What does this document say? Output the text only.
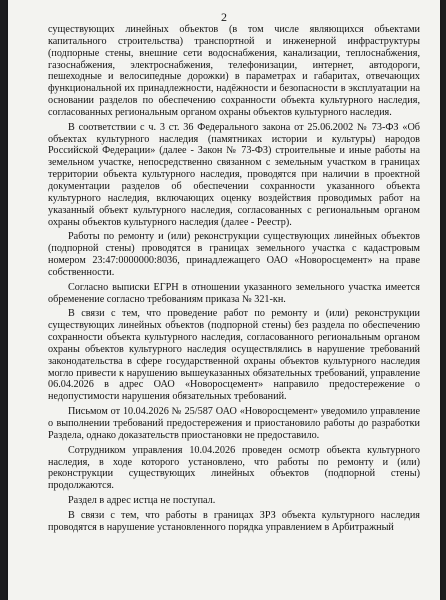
2

существующих линейных объектов (в том числе являющихся объектами капитального строительства) транспортной и инженерной инфраструктуры (подпорные стены, внешние сети водоснабжения, канализации, теплоснабжения, газоснабжения, электроснабжения, телефонизации, интернет, автодороги, пешеходные и велосипедные дорожки) в параметрах и габаритах, отвечающих функциональной их принадлежности, надёжности и безопасности в эксплуатации на основании разделов по обеспечению сохранности объекта культурного наследия, согласованных региональным органом охраны объектов культурного наследия.

В соответствии с ч. 3 ст. 36 Федерального закона от 25.06.2002 № 73-ФЗ «Об объектах культурного наследия (памятниках истории и культуры) народов Российской Федерации» (далее - Закон № 73-ФЗ) строительные и иные работы на земельном участке, непосредственно связанном с земельным участком в границах территории объекта культурного наследия, проводятся при наличии в проектной документации разделов об обеспечении сохранности указанного объекта культурного наследия, включающих оценку воздействия проводимых работ на указанный объект культурного наследия, согласованных с региональным органом охраны объектов культурного наследия (далее - Реестр).

Работы по ремонту и (или) реконструкции существующих линейных объектов (подпорной стены) проводятся в границах земельного участка с кадастровым номером 23:47:0000000:8036, принадлежащего ОАО «Новоросцемент» на праве собственности.

Согласно выписки ЕГРН в отношении указанного земельного участка имеется обременение согласно требованиям приказа № 321-кн.

В связи с тем, что проведение работ по ремонту и (или) реконструкции существующих линейных объектов (подпорной стены) без раздела по обеспечению сохранности объекта культурного наследия, согласованного региональным органом охраны объектов культурного наследия осуществлялись в нарушение требований законодательства в сфере государственной охраны объектов культурного наследия могло привести к нарушению вышеуказанных обязательных требований, управление 06.04.2026 в адрес ОАО «Новоросцемент» направило предостережение о недопустимости нарушения обязательных требований.

Письмом от 10.04.2026 № 25/587 ОАО «Новоросцемент» уведомило управление о выполнении требований предостережения и приостановило работы до разработки Раздела, однако доказательств приостановки не предоставило.

Сотрудником управления 10.04.2026 проведен осмотр объекта культурного наследия, в ходе которого установлено, что работы по ремонту и (или) реконструкции существующих линейных объектов (подпорной стены) продолжаются.

Раздел в адрес истца не поступал.

В связи с тем, что работы в границах ЗРЗ объекта культурного наследия проводятся в нарушение установленного порядка управлением в Арбитражный
